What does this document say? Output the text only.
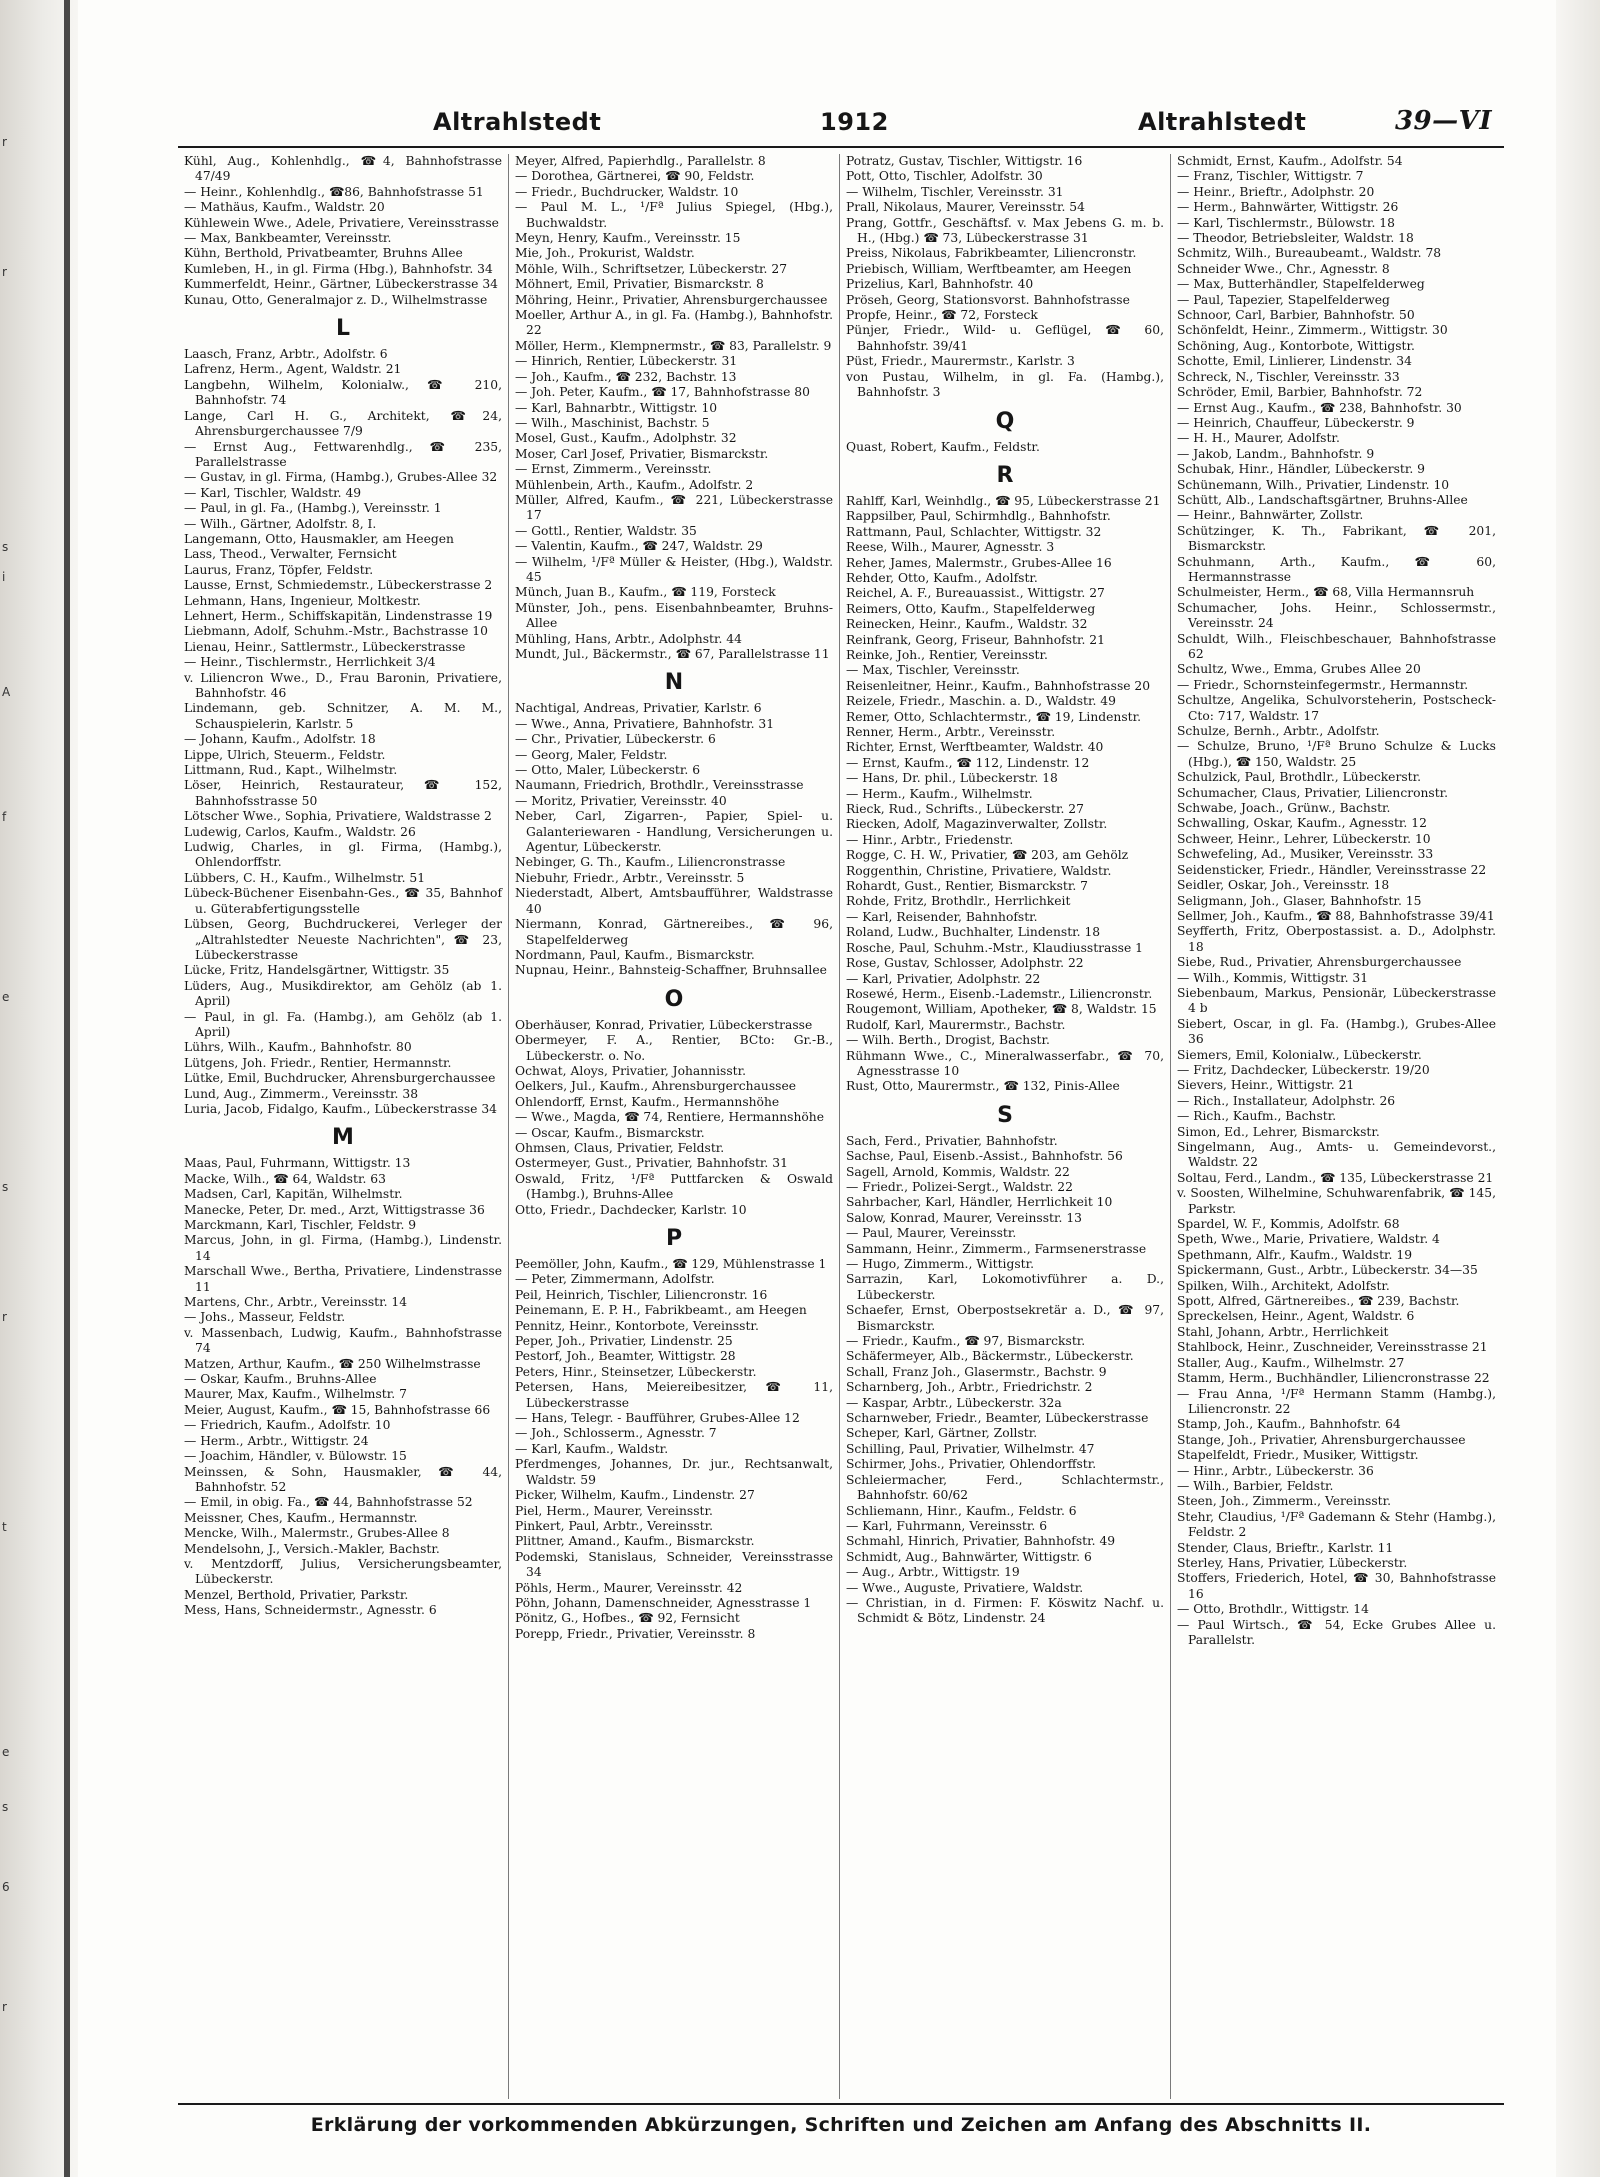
r
r
s
i
A
f
e
s
r
t
e
s
6
r
Altrahlstedt	1912	Altrahlstedt	39—VI

Kühl, Aug., Kohlenhdlg., ☎4, Bahnhofstrasse 47/49

— Heinr., Kohlenhdlg., ☎86, Bahnhofstrasse 51

— Mathäus, Kaufm., Waldstr. 20

Kühlewein Wwe., Adele, Privatiere, Vereinsstrasse

— Max, Bankbeamter, Vereinsstr.

Kühn, Berthold, Privatbeamter, Bruhns Allee

Kumleben, H., in gl. Firma (Hbg.), Bahnhofstr. 34

Kummerfeldt, Heinr., Gärtner, Lübeckerstrasse 34

Kunau, Otto, Generalmajor z. D., Wilhelmstrasse

L

Laasch, Franz, Arbtr., Adolfstr. 6

Lafrenz, Herm., Agent, Waldstr. 21

Langbehn, Wilhelm, Kolonialw., ☎ 210, Bahnhofstr. 74

Lange, Carl H. G., Architekt, ☎24, Ahrensburgerchaussee 7/9

— Ernst Aug., Fettwarenhdlg., ☎ 235, Parallelstrasse

— Gustav, in gl. Firma, (Hambg.), Grubes-Allee 32

— Karl, Tischler, Waldstr. 49

— Paul, in gl. Fa., (Hambg.), Vereinsstr. 1

— Wilh., Gärtner, Adolfstr. 8, I.

Langemann, Otto, Hausmakler, am Heegen

Lass, Theod., Verwalter, Fernsicht

Laurus, Franz, Töpfer, Feldstr.

Lausse, Ernst, Schmiedemstr., Lübeckerstrasse 2

Lehmann, Hans, Ingenieur, Moltkestr.

Lehnert, Herm., Schiffskapitän, Lindenstrasse 19

Liebmann, Adolf, Schuhm.-Mstr., Bachstrasse 10

Lienau, Heinr., Sattlermstr., Lübeckerstrasse

— Heinr., Tischlermstr., Herrlichkeit 3/4

v. Liliencron Wwe., D., Frau Baronin, Privatiere, Bahnhofstr. 46

Lindemann, geb. Schnitzer, A. M. M., Schauspielerin, Karlstr. 5

— Johann, Kaufm., Adolfstr. 18

Lippe, Ulrich, Steuerm., Feldstr.

Littmann, Rud., Kapt., Wilhelmstr.

Löser, Heinrich, Restaurateur, ☎ 152, Bahnhofsstrasse 50

Lötscher Wwe., Sophia, Privatiere, Waldstrasse 2

Ludewig, Carlos, Kaufm., Waldstr. 26

Ludwig, Charles, in gl. Firma, (Hambg.), Ohlendorffstr.

Lübbers, C. H., Kaufm., Wilhelmstr. 51

Lübeck-Büchener Eisenbahn-Ges., ☎ 35, Bahnhof u. Güterabfertigungsstelle

Lübsen, Georg, Buchdruckerei, Verleger der „Altrahlstedter Neueste Nachrichten", ☎ 23, Lübeckerstrasse

Lücke, Fritz, Handelsgärtner, Wittigstr. 35

Lüders, Aug., Musikdirektor, am Gehölz (ab 1. April)

— Paul, in gl. Fa. (Hambg.), am Gehölz (ab 1. April)

Lührs, Wilh., Kaufm., Bahnhofstr. 80

Lütgens, Joh. Friedr., Rentier, Hermannstr.

Lütke, Emil, Buchdrucker, Ahrensburgerchaussee

Lund, Aug., Zimmerm., Vereinsstr. 38

Luria, Jacob, Fidalgo, Kaufm., Lübeckerstrasse 34

M

Maas, Paul, Fuhrmann, Wittigstr. 13

Macke, Wilh., ☎ 64, Waldstr. 63

Madsen, Carl, Kapitän, Wilhelmstr.

Manecke, Peter, Dr. med., Arzt, Wittigstrasse 36

Marckmann, Karl, Tischler, Feldstr. 9

Marcus, John, in gl. Firma, (Hambg.), Lindenstr. 14

Marschall Wwe., Bertha, Privatiere, Lindenstrasse 11

Martens, Chr., Arbtr., Vereinsstr. 14

— Johs., Masseur, Feldstr.

v. Massenbach, Ludwig, Kaufm., Bahnhofstrasse 74

Matzen, Arthur, Kaufm., ☎ 250 Wilhelmstrasse

— Oskar, Kaufm., Bruhns-Allee

Maurer, Max, Kaufm., Wilhelmstr. 7

Meier, August, Kaufm., ☎ 15, Bahnhofstrasse 66

— Friedrich, Kaufm., Adolfstr. 10

— Herm., Arbtr., Wittigstr. 24

— Joachim, Händler, v. Bülowstr. 15

Meinssen, & Sohn, Hausmakler, ☎ 44, Bahnhofstr. 52

— Emil, in obig. Fa., ☎ 44, Bahnhofstrasse 52

Meissner, Ches, Kaufm., Hermannstr.

Mencke, Wilh., Malermstr., Grubes-Allee 8

Mendelsohn, J., Versich.-Makler, Bachstr.

v. Mentzdorff, Julius, Versicherungsbeamter, Lübeckerstr.

Menzel, Berthold, Privatier, Parkstr.

Mess, Hans, Schneidermstr., Agnesstr. 6

Meyer, Alfred, Papierhdlg., Parallelstr. 8

— Dorothea, Gärtnerei, ☎ 90, Feldstr.

— Friedr., Buchdrucker, Waldstr. 10

— Paul M. L., ¹/Fª Julius Spiegel, (Hbg.), Buchwaldstr.

Meyn, Henry, Kaufm., Vereinsstr. 15

Mie, Joh., Prokurist, Waldstr.

Möhle, Wilh., Schriftsetzer, Lübeckerstr. 27

Möhnert, Emil, Privatier, Bismarckstr. 8

Möhring, Heinr., Privatier, Ahrensburgerchaussee

Moeller, Arthur A., in gl. Fa. (Hambg.), Bahnhofstr. 22

Möller, Herm., Klempnermstr., ☎ 83, Parallelstr. 9

— Hinrich, Rentier, Lübeckerstr. 31

— Joh., Kaufm., ☎ 232, Bachstr. 13

— Joh. Peter, Kaufm., ☎ 17, Bahnhofstrasse 80

— Karl, Bahnarbtr., Wittigstr. 10

— Wilh., Maschinist, Bachstr. 5

Mosel, Gust., Kaufm., Adolphstr. 32

Moser, Carl Josef, Privatier, Bismarckstr.

— Ernst, Zimmerm., Vereinsstr.

Mühlenbein, Arth., Kaufm., Adolfstr. 2

Müller, Alfred, Kaufm., ☎ 221, Lübeckerstrasse 17

— Gottl., Rentier, Waldstr. 35

— Valentin, Kaufm., ☎ 247, Waldstr. 29

— Wilhelm, ¹/Fª Müller & Heister, (Hbg.), Waldstr. 45

Münch, Juan B., Kaufm., ☎ 119, Forsteck

Münster, Joh., pens. Eisenbahnbeamter, Bruhns-Allee

Mühling, Hans, Arbtr., Adolphstr. 44

Mundt, Jul., Bäckermstr., ☎ 67, Parallelstrasse 11

N

Nachtigal, Andreas, Privatier, Karlstr. 6

— Wwe., Anna, Privatiere, Bahnhofstr. 31

— Chr., Privatier, Lübeckerstr. 6

— Georg, Maler, Feldstr.

— Otto, Maler, Lübeckerstr. 6

Naumann, Friedrich, Brothdlr., Vereinsstrasse

— Moritz, Privatier, Vereinsstr. 40

Neber, Carl, Zigarren-, Papier, Spiel- u. Galanteriewaren - Handlung, Versicherungen u. Agentur, Lübeckerstr.

Nebinger, G. Th., Kaufm., Liliencronstrasse

Niebuhr, Friedr., Arbtr., Vereinsstr. 5

Niederstadt, Albert, Amtsbaufführer, Waldstrasse 40

Niermann, Konrad, Gärtnereibes., ☎ 96, Stapelfelderweg

Nordmann, Paul, Kaufm., Bismarckstr.

Nupnau, Heinr., Bahnsteig-Schaffner, Bruhnsallee

O

Oberhäuser, Konrad, Privatier, Lübeckerstrasse

Obermeyer, F. A., Rentier, BCto: Gr.-B., Lübeckerstr. o. No.

Ochwat, Aloys, Privatier, Johannisstr.

Oelkers, Jul., Kaufm., Ahrensburgerchaussee

Ohlendorff, Ernst, Kaufm., Hermannshöhe

— Wwe., Magda, ☎ 74, Rentiere, Hermannshöhe

— Oscar, Kaufm., Bismarckstr.

Ohmsen, Claus, Privatier, Feldstr.

Ostermeyer, Gust., Privatier, Bahnhofstr. 31

Oswald, Fritz, ¹/Fª Puttfarcken & Oswald (Hambg.), Bruhns-Allee

Otto, Friedr., Dachdecker, Karlstr. 10

P

Peemöller, John, Kaufm., ☎ 129, Mühlenstrasse 1

— Peter, Zimmermann, Adolfstr.

Peil, Heinrich, Tischler, Liliencronstr. 16

Peinemann, E. P. H., Fabrikbeamt., am Heegen

Pennitz, Heinr., Kontorbote, Vereinsstr.

Peper, Joh., Privatier, Lindenstr. 25

Pestorf, Joh., Beamter, Wittigstr. 28

Peters, Hinr., Steinsetzer, Lübeckerstr.

Petersen, Hans, Meiereibesitzer, ☎ 11, Lübeckerstrasse

— Hans, Telegr. - Baufführer, Grubes-Allee 12

— Joh., Schlosserm., Agnesstr. 7

— Karl, Kaufm., Waldstr.

Pferdmenges, Johannes, Dr. jur., Rechtsanwalt, Waldstr. 59

Picker, Wilhelm, Kaufm., Lindenstr. 27

Piel, Herm., Maurer, Vereinsstr.

Pinkert, Paul, Arbtr., Vereinsstr.

Plittner, Amand., Kaufm., Bismarckstr.

Podemski, Stanislaus, Schneider, Vereinsstrasse 34

Pöhls, Herm., Maurer, Vereinsstr. 42

Pöhn, Johann, Damenschneider, Agnesstrasse 1

Pönitz, G., Hofbes., ☎ 92, Fernsicht

Porepp, Friedr., Privatier, Vereinsstr. 8

Potratz, Gustav, Tischler, Wittigstr. 16

Pott, Otto, Tischler, Adolfstr. 30

— Wilhelm, Tischler, Vereinsstr. 31

Prall, Nikolaus, Maurer, Vereinsstr. 54

Prang, Gottfr., Geschäftsf. v. Max Jebens G. m. b. H., (Hbg.) ☎ 73, Lübeckerstrasse 31

Preiss, Nikolaus, Fabrikbeamter, Liliencronstr.

Priebisch, William, Werftbeamter, am Heegen

Prizelius, Karl, Bahnhofstr. 40

Pröseh, Georg, Stationsvorst. Bahnhofstrasse

Propfe, Heinr., ☎ 72, Forsteck

Pünjer, Friedr., Wild- u. Geflügel, ☎ 60, Bahnhofstr. 39/41

Püst, Friedr., Maurermstr., Karlstr. 3

von Pustau, Wilhelm, in gl. Fa. (Hambg.), Bahnhofstr. 3

Q

Quast, Robert, Kaufm., Feldstr.

R

Rahlff, Karl, Weinhdlg., ☎ 95, Lübeckerstrasse 21

Rappsilber, Paul, Schirmhdlg., Bahnhofstr.

Rattmann, Paul, Schlachter, Wittigstr. 32

Reese, Wilh., Maurer, Agnesstr. 3

Reher, James, Malermstr., Grubes-Allee 16

Rehder, Otto, Kaufm., Adolfstr.

Reichel, A. F., Bureauassist., Wittigstr. 27

Reimers, Otto, Kaufm., Stapelfelderweg

Reinecken, Heinr., Kaufm., Waldstr. 32

Reinfrank, Georg, Friseur, Bahnhofstr. 21

Reinke, Joh., Rentier, Vereinsstr.

— Max, Tischler, Vereinsstr.

Reisenleitner, Heinr., Kaufm., Bahnhofstrasse 20

Reizele, Friedr., Maschin. a. D., Waldstr. 49

Remer, Otto, Schlachtermstr., ☎ 19, Lindenstr.

Renner, Herm., Arbtr., Vereinsstr.

Richter, Ernst, Werftbeamter, Waldstr. 40

— Ernst, Kaufm., ☎ 112, Lindenstr. 12

— Hans, Dr. phil., Lübeckerstr. 18

— Herm., Kaufm., Wilhelmstr.

Rieck, Rud., Schrifts., Lübeckerstr. 27

Riecken, Adolf, Magazinverwalter, Zollstr.

— Hinr., Arbtr., Friedenstr.

Rogge, C. H. W., Privatier, ☎ 203, am Gehölz

Roggenthin, Christine, Privatiere, Waldstr.

Rohardt, Gust., Rentier, Bismarckstr. 7

Rohde, Fritz, Brothdlr., Herrlichkeit

— Karl, Reisender, Bahnhofstr.

Roland, Ludw., Buchhalter, Lindenstr. 18

Rosche, Paul, Schuhm.-Mstr., Klaudiusstrasse 1

Rose, Gustav, Schlosser, Adolphstr. 22

— Karl, Privatier, Adolphstr. 22

Rosewé, Herm., Eisenb.-Lademstr., Liliencronstr.

Rougemont, William, Apotheker, ☎ 8, Waldstr. 15

Rudolf, Karl, Maurermstr., Bachstr.

— Wilh. Berth., Drogist, Bachstr.

Rühmann Wwe., C., Mineralwasserfabr., ☎ 70, Agnesstrasse 10

Rust, Otto, Maurermstr., ☎ 132, Pinis-Allee

S

Sach, Ferd., Privatier, Bahnhofstr.

Sachse, Paul, Eisenb.-Assist., Bahnhofstr. 56

Sagell, Arnold, Kommis, Waldstr. 22

— Friedr., Polizei-Sergt., Waldstr. 22

Sahrbacher, Karl, Händler, Herrlichkeit 10

Salow, Konrad, Maurer, Vereinsstr. 13

— Paul, Maurer, Vereinsstr.

Sammann, Heinr., Zimmerm., Farmsenerstrasse

— Hugo, Zimmerm., Wittigstr.

Sarrazin, Karl, Lokomotivführer a. D., Lübeckerstr.

Schaefer, Ernst, Oberpostsekretär a. D., ☎ 97, Bismarckstr.

— Friedr., Kaufm., ☎ 97, Bismarckstr.

Schäfermeyer, Alb., Bäckermstr., Lübeckerstr.

Schall, Franz Joh., Glasermstr., Bachstr. 9

Scharnberg, Joh., Arbtr., Friedrichstr. 2

— Kaspar, Arbtr., Lübeckerstr. 32a

Scharnweber, Friedr., Beamter, Lübeckerstrasse

Scheper, Karl, Gärtner, Zollstr.

Schilling, Paul, Privatier, Wilhelmstr. 47

Schirmer, Johs., Privatier, Ohlendorffstr.

Schleiermacher, Ferd., Schlachtermstr., Bahnhofstr. 60/62

Schliemann, Hinr., Kaufm., Feldstr. 6

— Karl, Fuhrmann, Vereinsstr. 6

Schmahl, Hinrich, Privatier, Bahnhofstr. 49

Schmidt, Aug., Bahnwärter, Wittigstr. 6

— Aug., Arbtr., Wittigstr. 19

— Wwe., Auguste, Privatiere, Waldstr.

— Christian, in d. Firmen: F. Köswitz Nachf. u. Schmidt & Bötz, Lindenstr. 24

Schmidt, Ernst, Kaufm., Adolfstr. 54

— Franz, Tischler, Wittigstr. 7

— Heinr., Brieftr., Adolphstr. 20

— Herm., Bahnwärter, Wittigstr. 26

— Karl, Tischlermstr., Bülowstr. 18

— Theodor, Betriebsleiter, Waldstr. 18

Schmitz, Wilh., Bureaubeamt., Waldstr. 78

Schneider Wwe., Chr., Agnesstr. 8

— Max, Butterhändler, Stapelfelderweg

— Paul, Tapezier, Stapelfelderweg

Schnoor, Carl, Barbier, Bahnhofstr. 50

Schönfeldt, Heinr., Zimmerm., Wittigstr. 30

Schöning, Aug., Kontorbote, Wittigstr.

Schotte, Emil, Linlierer, Lindenstr. 34

Schreck, N., Tischler, Vereinsstr. 33

Schröder, Emil, Barbier, Bahnhofstr. 72

— Ernst Aug., Kaufm., ☎ 238, Bahnhofstr. 30

— Heinrich, Chauffeur, Lübeckerstr. 9

— H. H., Maurer, Adolfstr.

— Jakob, Landm., Bahnhofstr. 9

Schubak, Hinr., Händler, Lübeckerstr. 9

Schünemann, Wilh., Privatier, Lindenstr. 10

Schütt, Alb., Landschaftsgärtner, Bruhns-Allee

— Heinr., Bahnwärter, Zollstr.

Schützinger, K. Th., Fabrikant, ☎ 201, Bismarckstr.

Schuhmann, Arth., Kaufm., ☎ 60, Hermannstrasse

Schulmeister, Herm., ☎ 68, Villa Hermannsruh

Schumacher, Johs. Heinr., Schlossermstr., Vereinsstr. 24

Schuldt, Wilh., Fleischbeschauer, Bahnhofstrasse 62

Schultz, Wwe., Emma, Grubes Allee 20

— Friedr., Schornsteinfegermstr., Hermannstr.

Schultze, Angelika, Schulvorsteherin, Postscheck-Cto: 717, Waldstr. 17

Schulze, Bernh., Arbtr., Adolfstr.

— Schulze, Bruno, ¹/Fª Bruno Schulze & Lucks (Hbg.), ☎ 150, Waldstr. 25

Schulzick, Paul, Brothdlr., Lübeckerstr.

Schumacher, Claus, Privatier, Liliencronstr.

Schwabe, Joach., Grünw., Bachstr.

Schwalling, Oskar, Kaufm., Agnesstr. 12

Schweer, Heinr., Lehrer, Lübeckerstr. 10

Schwefeling, Ad., Musiker, Vereinsstr. 33

Seidensticker, Friedr., Händler, Vereinsstrasse 22

Seidler, Oskar, Joh., Vereinsstr. 18

Seligmann, Joh., Glaser, Bahnhofstr. 15

Sellmer, Joh., Kaufm., ☎ 88, Bahnhofstrasse 39/41

Seyfferth, Fritz, Oberpostassist. a. D., Adolphstr. 18

Siebe, Rud., Privatier, Ahrensburgerchaussee

— Wilh., Kommis, Wittigstr. 31

Siebenbaum, Markus, Pensionär, Lübeckerstrasse 4 b

Siebert, Oscar, in gl. Fa. (Hambg.), Grubes-Allee 36

Siemers, Emil, Kolonialw., Lübeckerstr.

— Fritz, Dachdecker, Lübeckerstr. 19/20

Sievers, Heinr., Wittigstr. 21

— Rich., Installateur, Adolphstr. 26

— Rich., Kaufm., Bachstr.

Simon, Ed., Lehrer, Bismarckstr.

Singelmann, Aug., Amts- u. Gemeindevorst., Waldstr. 22

Soltau, Ferd., Landm., ☎ 135, Lübeckerstrasse 21

v. Soosten, Wilhelmine, Schuhwarenfabrik, ☎ 145, Parkstr.

Spardel, W. F., Kommis, Adolfstr. 68

Speth, Wwe., Marie, Privatiere, Waldstr. 4

Spethmann, Alfr., Kaufm., Waldstr. 19

Spickermann, Gust., Arbtr., Lübeckerstr. 34—35

Spilken, Wilh., Architekt, Adolfstr.

Spott, Alfred, Gärtnereibes., ☎ 239, Bachstr.

Spreckelsen, Heinr., Agent, Waldstr. 6

Stahl, Johann, Arbtr., Herrlichkeit

Stahlbock, Heinr., Zuschneider, Vereinsstrasse 21

Staller, Aug., Kaufm., Wilhelmstr. 27

Stamm, Herm., Buchhändler, Liliencronstrasse 22

— Frau Anna, ¹/Fª Hermann Stamm (Hambg.), Liliencronstr. 22

Stamp, Joh., Kaufm., Bahnhofstr. 64

Stange, Joh., Privatier, Ahrensburgerchaussee

Stapelfeldt, Friedr., Musiker, Wittigstr.

— Hinr., Arbtr., Lübeckerstr. 36

— Wilh., Barbier, Feldstr.

Steen, Joh., Zimmerm., Vereinsstr.

Stehr, Claudius, ¹/Fª Gademann & Stehr (Hambg.), Feldstr. 2

Stender, Claus, Brieftr., Karlstr. 11

Sterley, Hans, Privatier, Lübeckerstr.

Stoffers, Friederich, Hotel, ☎ 30, Bahnhofstrasse 16

— Otto, Brothdlr., Wittigstr. 14

— Paul Wirtsch., ☎ 54, Ecke Grubes Allee u. Parallelstr.

Erklärung der vorkommenden Abkürzungen, Schriften und Zeichen am Anfang des Abschnitts II.
